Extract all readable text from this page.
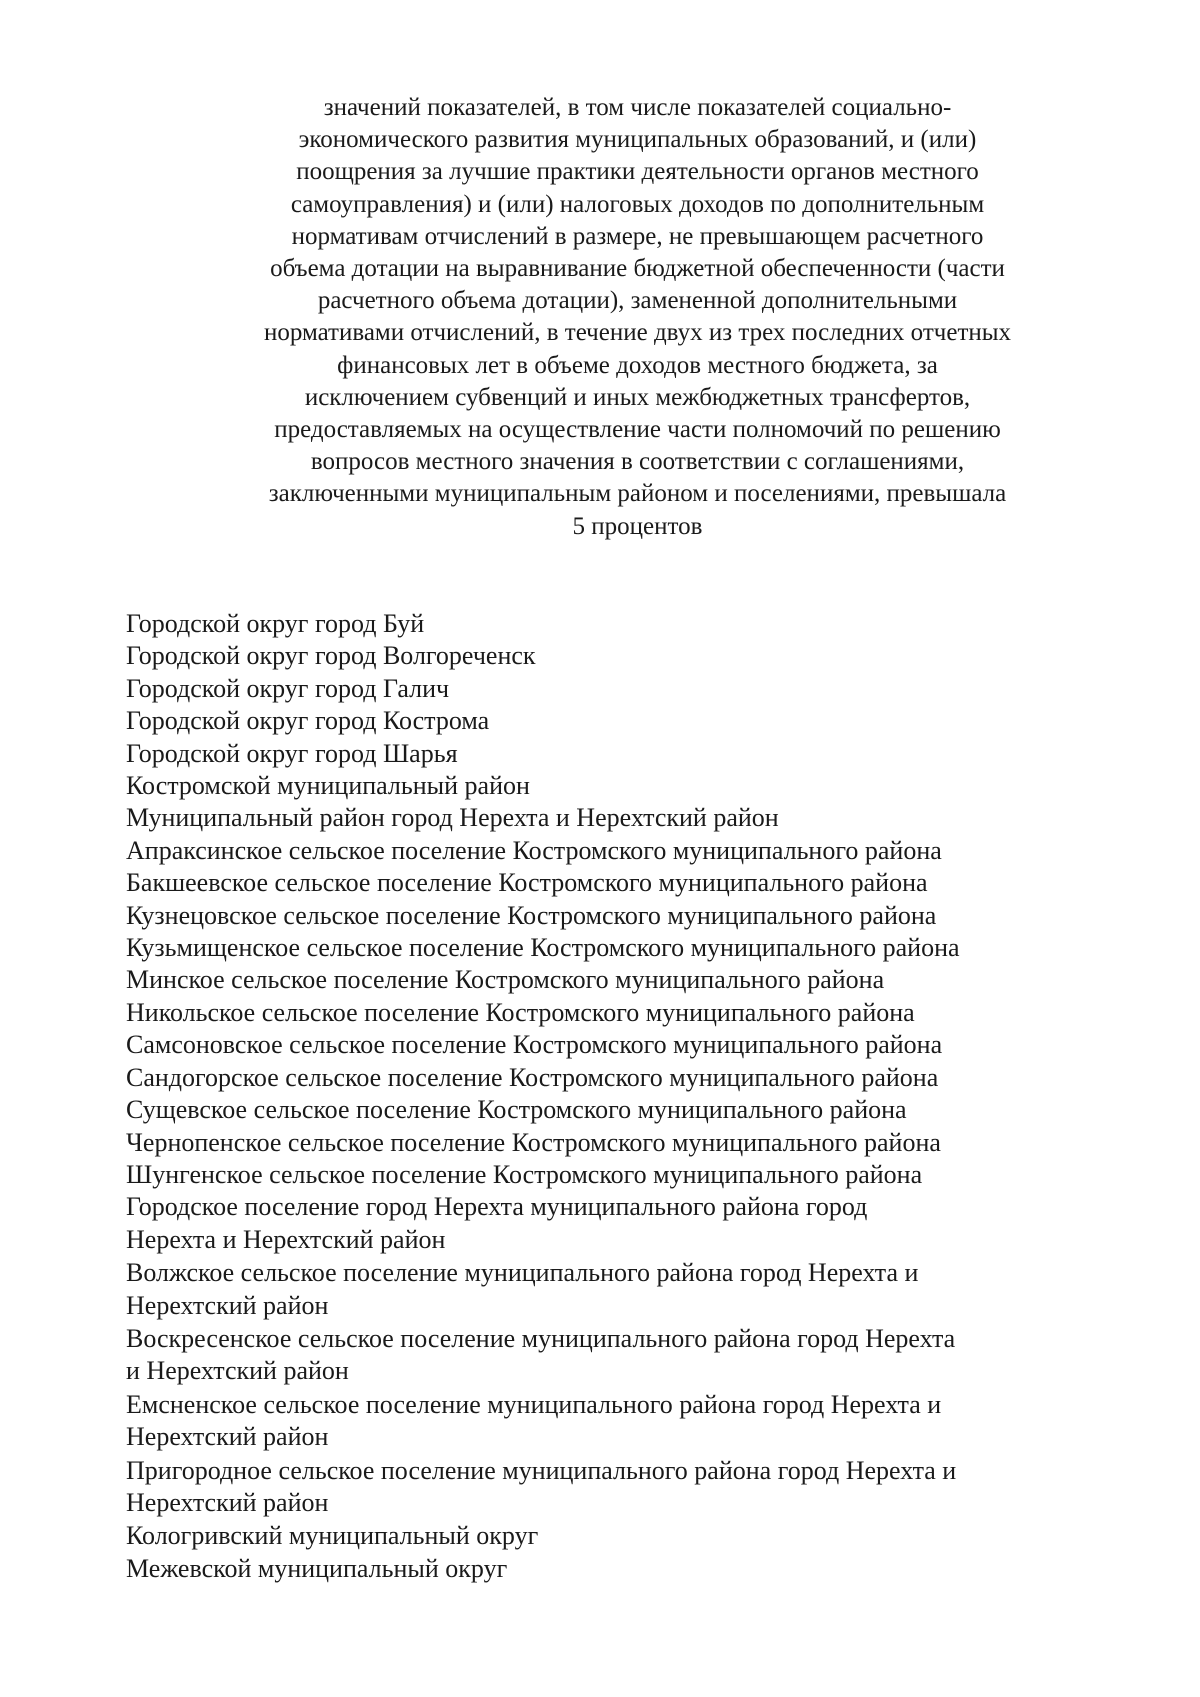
значений показателей, в том числе показателей социально-
экономического развития муниципальных образований, и (или)
поощрения за лучшие практики деятельности органов местного
самоуправления) и (или) налоговых доходов по дополнительным
нормативам отчислений в размере, не превышающем расчетного
объема дотации на выравнивание бюджетной обеспеченности (части
расчетного объема дотации), замененной дополнительными
нормативами отчислений, в течение двух из трех последних отчетных
финансовых лет в объеме доходов местного бюджета, за
исключением субвенций и иных межбюджетных трансфертов,
предоставляемых на осуществление части полномочий по решению
вопросов местного значения в соответствии с соглашениями,
заключенными муниципальным районом и поселениями, превышала
5 процентов

Городской округ город Буй
Городской округ город Волгореченск
Городской округ город Галич
Городской округ город Кострома
Городской округ город Шарья
Костромской муниципальный район
Муниципальный район город Нерехта и Нерехтский район
Апраксинское сельское поселение Костромского муниципального района
Бакшеевское сельское поселение Костромского муниципального района
Кузнецовское сельское поселение Костромского муниципального района
Кузьмищенское сельское поселение Костромского муниципального района
Минское сельское поселение Костромского муниципального района
Никольское сельское поселение Костромского муниципального района
Самсоновское сельское поселение Костромского муниципального района
Сандогорское сельское поселение Костромского муниципального района
Сущевское сельское поселение Костромского муниципального района
Чернопенское сельское поселение Костромского муниципального района
Шунгенское сельское поселение Костромского муниципального района
Городское поселение город Нерехта муниципального района город
Нерехта и Нерехтский район
Волжское сельское поселение муниципального района город Нерехта и
Нерехтский район
Воскресенское сельское поселение муниципального района город Нерехта
и Нерехтский район
Емсненское сельское поселение муниципального района город Нерехта и
Нерехтский район
Пригородное сельское поселение муниципального района город Нерехта и
Нерехтский район
Кологривский муниципальный округ
Межевской муниципальный округ
